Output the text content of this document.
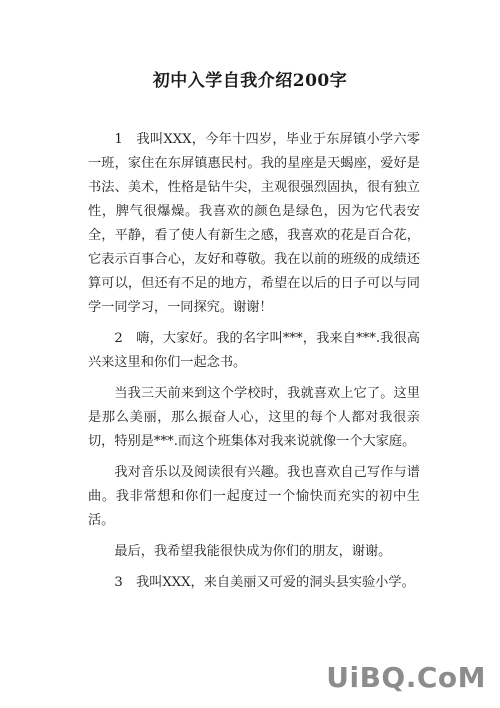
初中入学自我介绍200字

1　我叫XXX，今年十四岁，毕业于东屏镇小学六零一班，家住在东屏镇惠民村。我的星座是天蝎座，爱好是书法、美术，性格是钻牛尖，主观很强烈固执，很有独立性，脾气很爆燥。我喜欢的颜色是绿色，因为它代表安全，平静，看了使人有新生之感，我喜欢的花是百合花，它表示百事合心，友好和尊敬。我在以前的班级的成绩还算可以，但还有不足的地方，希望在以后的日子可以与同学一同学习，一同探究。谢谢！

2　嗨，大家好。我的名字叫***，我来自***.我很高兴来这里和你们一起念书。

当我三天前来到这个学校时，我就喜欢上它了。这里是那么美丽，那么振奋人心，这里的每个人都对我很亲切，特别是***.而这个班集体对我来说就像一个大家庭。

我对音乐以及阅读很有兴趣。我也喜欢自己写作与谱曲。我非常想和你们一起度过一个愉快而充实的初中生活。

最后，我希望我能很快成为你们的朋友，谢谢。

3　我叫XXX，来自美丽又可爱的洞头县实验小学。

UiBQ.CoM
